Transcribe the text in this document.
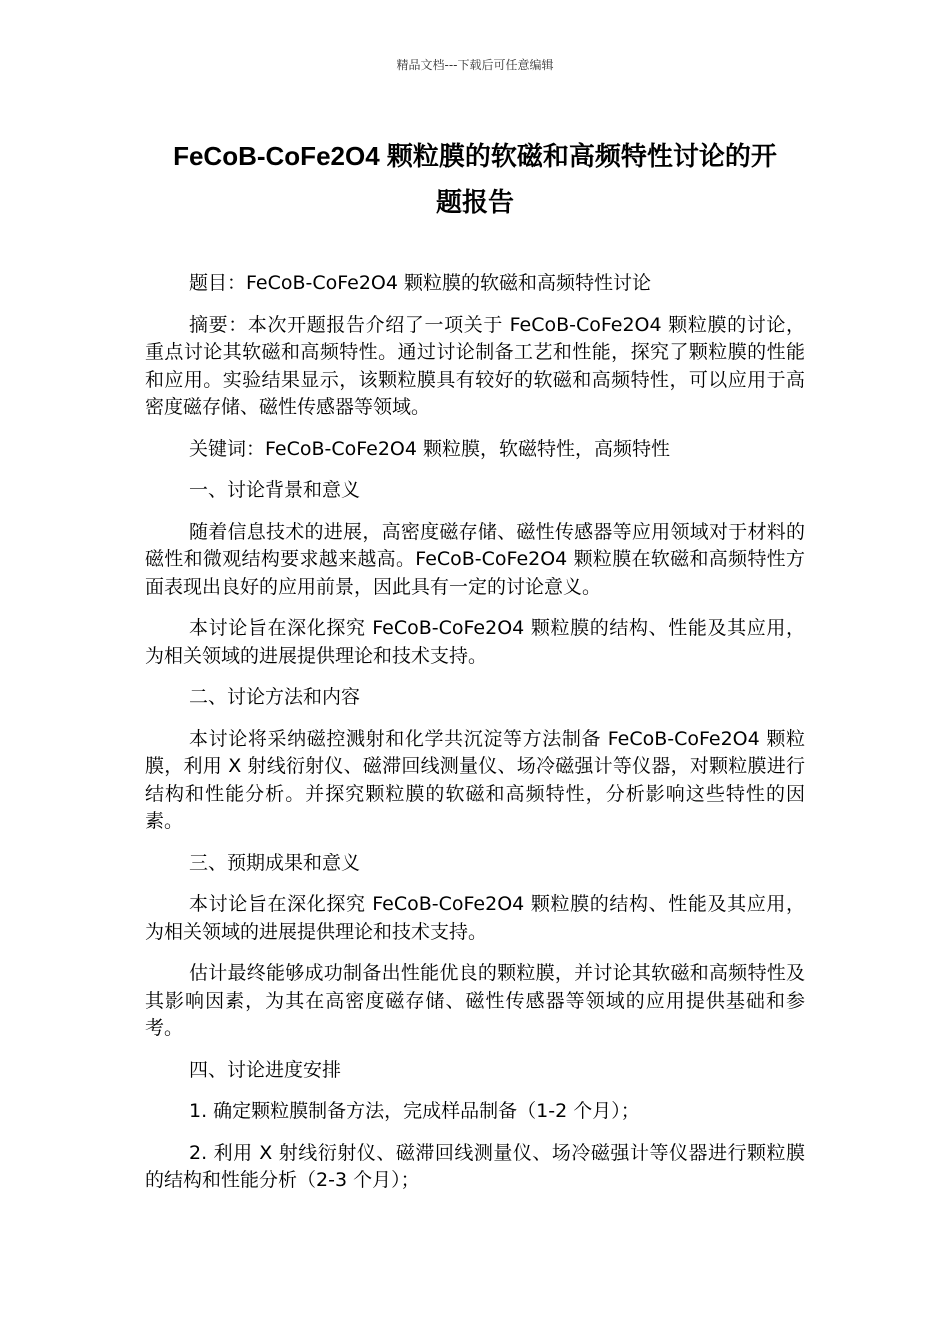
精品文档---下载后可任意编辑
FeCoB-CoFe2O4 颗粒膜的软磁和高频特性讨论的开
题报告

题目：FeCoB-CoFe2O4 颗粒膜的软磁和高频特性讨论

摘要：本次开题报告介绍了一项关于 FeCoB-CoFe2O4 颗粒膜的讨论，重点讨论其软磁和高频特性。通过讨论制备工艺和性能，探究了颗粒膜的性能和应用。实验结果显示，该颗粒膜具有较好的软磁和高频特性，可以应用于高密度磁存储、磁性传感器等领域。

关键词：FeCoB-CoFe2O4 颗粒膜，软磁特性，高频特性

一、讨论背景和意义

随着信息技术的进展，高密度磁存储、磁性传感器等应用领域对于材料的磁性和微观结构要求越来越高。FeCoB-CoFe2O4 颗粒膜在软磁和高频特性方面表现出良好的应用前景，因此具有一定的讨论意义。

本讨论旨在深化探究 FeCoB-CoFe2O4 颗粒膜的结构、性能及其应用，为相关领域的进展提供理论和技术支持。

二、讨论方法和内容

本讨论将采纳磁控溅射和化学共沉淀等方法制备 FeCoB-CoFe2O4 颗粒膜，利用 X 射线衍射仪、磁滞回线测量仪、场冷磁强计等仪器，对颗粒膜进行结构和性能分析。并探究颗粒膜的软磁和高频特性，分析影响这些特性的因素。

三、预期成果和意义

本讨论旨在深化探究 FeCoB-CoFe2O4 颗粒膜的结构、性能及其应用，为相关领域的进展提供理论和技术支持。

估计最终能够成功制备出性能优良的颗粒膜，并讨论其软磁和高频特性及其影响因素，为其在高密度磁存储、磁性传感器等领域的应用提供基础和参考。

四、讨论进度安排

1. 确定颗粒膜制备方法，完成样品制备（1-2 个月）；

2. 利用 X 射线衍射仪、磁滞回线测量仪、场冷磁强计等仪器进行颗粒膜的结构和性能分析（2-3 个月）；
